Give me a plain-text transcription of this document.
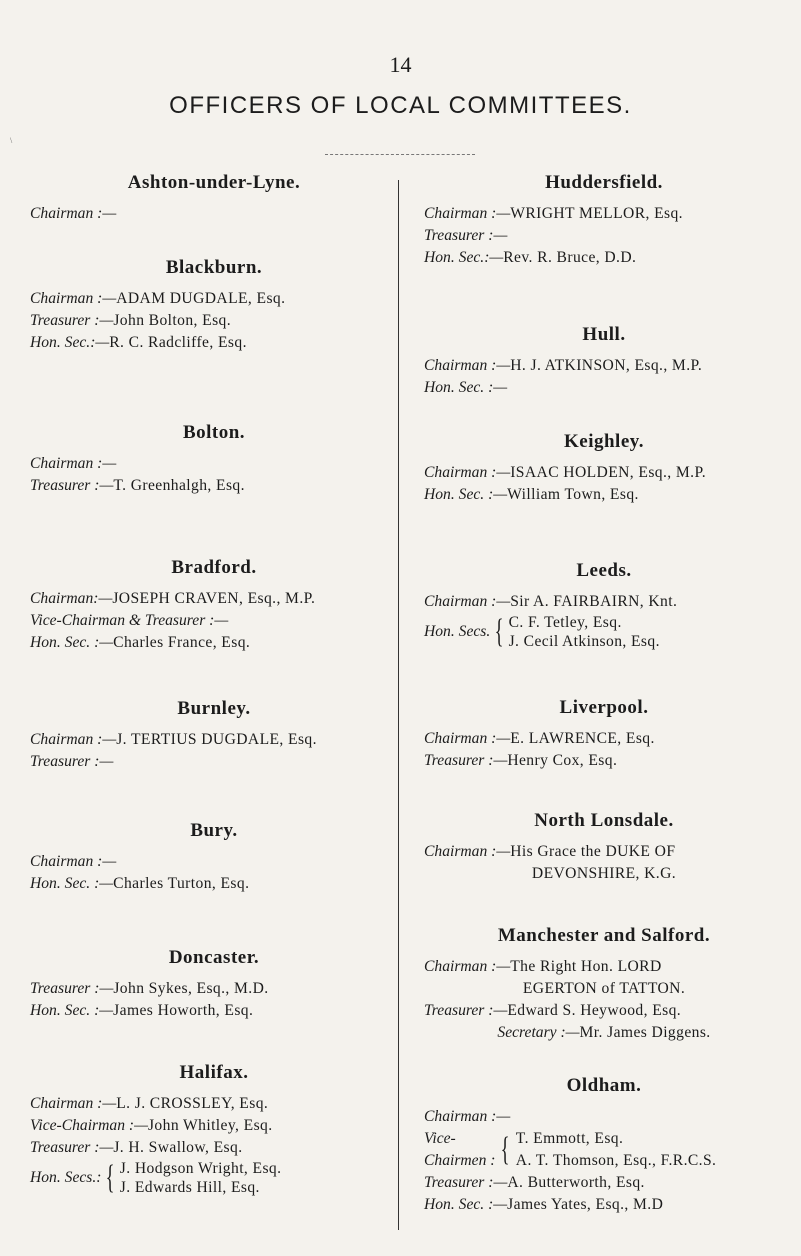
14
OFFICERS OF LOCAL COMMITTEES.
\
Ashton-under-Lyne.
Chairman :—
Blackburn.
Chairman :—ADAM DUGDALE, Esq.
Treasurer :—John Bolton, Esq.
Hon. Sec.:—R. C. Radcliffe, Esq.
Bolton.
Chairman :—
Treasurer :—T. Greenhalgh, Esq.
Bradford.
Chairman:—JOSEPH CRAVEN, Esq., M.P.
Vice-Chairman & Treasurer :—
Hon. Sec. :—Charles France, Esq.
Burnley.
Chairman :—J. TERTIUS DUGDALE, Esq.
Treasurer :—
Bury.
Chairman :—
Hon. Sec. :—Charles Turton, Esq.
Doncaster.
Treasurer :—John Sykes, Esq., M.D.
Hon. Sec. :—James Howorth, Esq.
Halifax.
Chairman :—L. J. CROSSLEY, Esq.
Vice-Chairman :—John Whitley, Esq.
Treasurer :—J. H. Swallow, Esq.
Hon. Secs.: { J. Hodgson Wright, Esq.
J. Edwards Hill, Esq.
Huddersfield.
Chairman :—WRIGHT MELLOR, Esq.
Treasurer :—
Hon. Sec.:—Rev. R. Bruce, D.D.
Hull.
Chairman :—H. J. ATKINSON, Esq., M.P.
Hon. Sec. :—
Keighley.
Chairman :—ISAAC HOLDEN, Esq., M.P.
Hon. Sec. :—William Town, Esq.
Leeds.
Chairman :—Sir A. FAIRBAIRN, Knt.
Hon. Secs. { C. F. Tetley, Esq.
J. Cecil Atkinson, Esq.
Liverpool.
Chairman :—E. LAWRENCE, Esq.
Treasurer :—Henry Cox, Esq.
North Lonsdale.
Chairman :—His Grace the DUKE OF
DEVONSHIRE, K.G.
Manchester and Salford.
Chairman :—The Right Hon. LORD
EGERTON of TATTON.
Treasurer :—Edward S. Heywood, Esq.
Secretary :—Mr. James Diggens.
Oldham.
Chairman :—
Vice-
Chairmen : { T. Emmott, Esq.
A. T. Thomson, Esq., F.R.C.S.
Treasurer :—A. Butterworth, Esq.
Hon. Sec. :—James Yates, Esq., M.D
